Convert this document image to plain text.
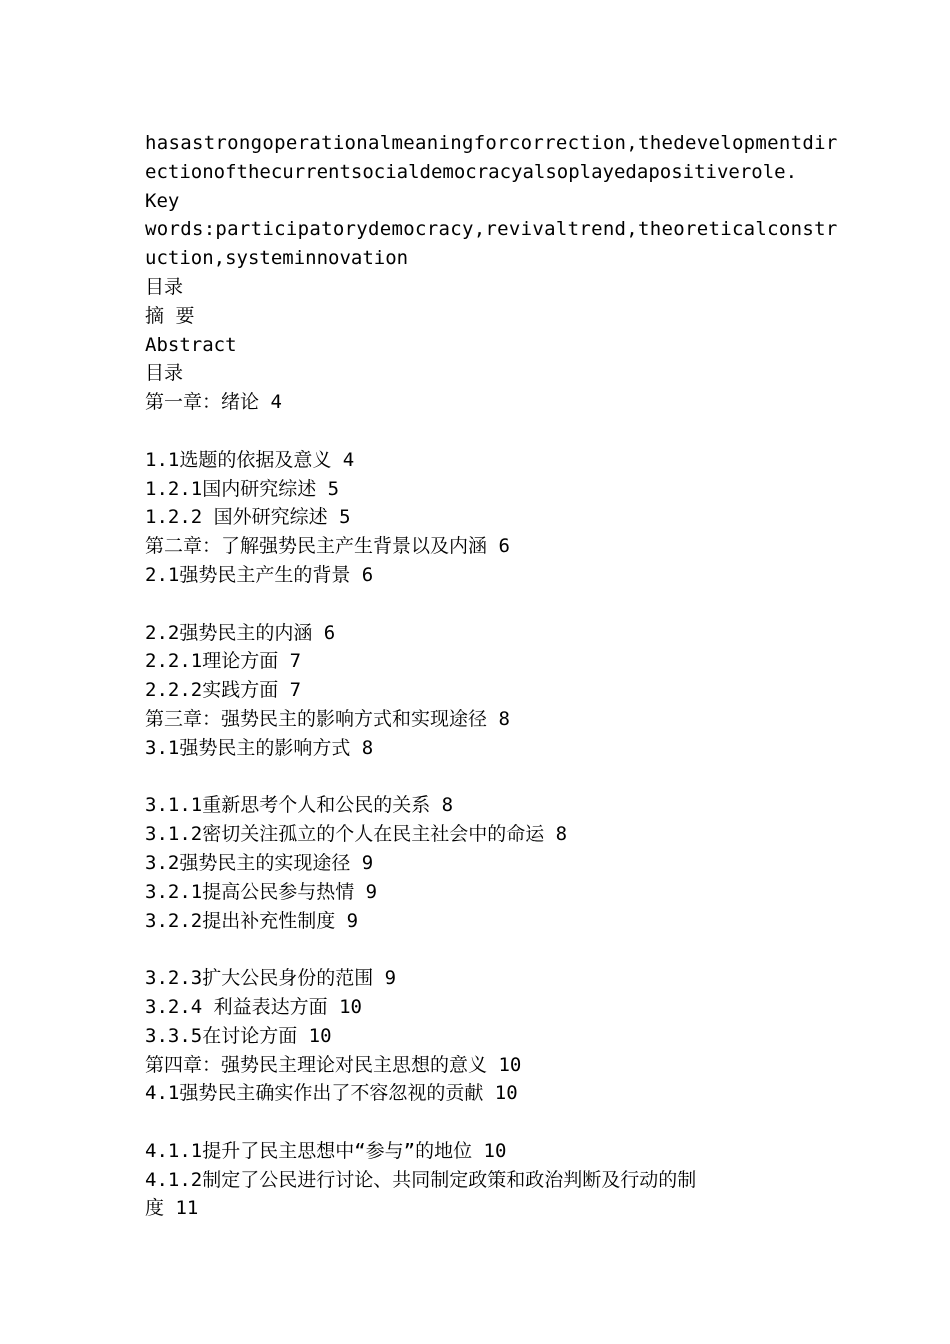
hasastrongoperationalmeaningforcorrection,thedevelopmentdir
ectionofthecurrentsocialdemocracyalsoplayedapositiverole.
Key
words:participatorydemocracy,revivaltrend,theoreticalconstr
uction,systeminnovation
目录
摘 要
Abstract
目录
第一章：绪论 4
1.1选题的依据及意义 4
1.2.1国内研究综述 5
1.2.2 国外研究综述 5
第二章：了解强势民主产生背景以及内涵 6
2.1强势民主产生的背景 6
2.2强势民主的内涵 6
2.2.1理论方面 7
2.2.2实践方面 7
第三章：强势民主的影响方式和实现途径 8
3.1强势民主的影响方式 8
3.1.1重新思考个人和公民的关系 8
3.1.2密切关注孤立的个人在民主社会中的命运 8
3.2强势民主的实现途径 9
3.2.1提高公民参与热情 9
3.2.2提出补充性制度 9
3.2.3扩大公民身份的范围 9
3.2.4 利益表达方面 10
3.3.5在讨论方面 10
第四章：强势民主理论对民主思想的意义 10
4.1强势民主确实作出了不容忽视的贡献 10
4.1.1提升了民主思想中“参与”的地位 10
4.1.2制定了公民进行讨论、共同制定政策和政治判断及行动的制
度 11
